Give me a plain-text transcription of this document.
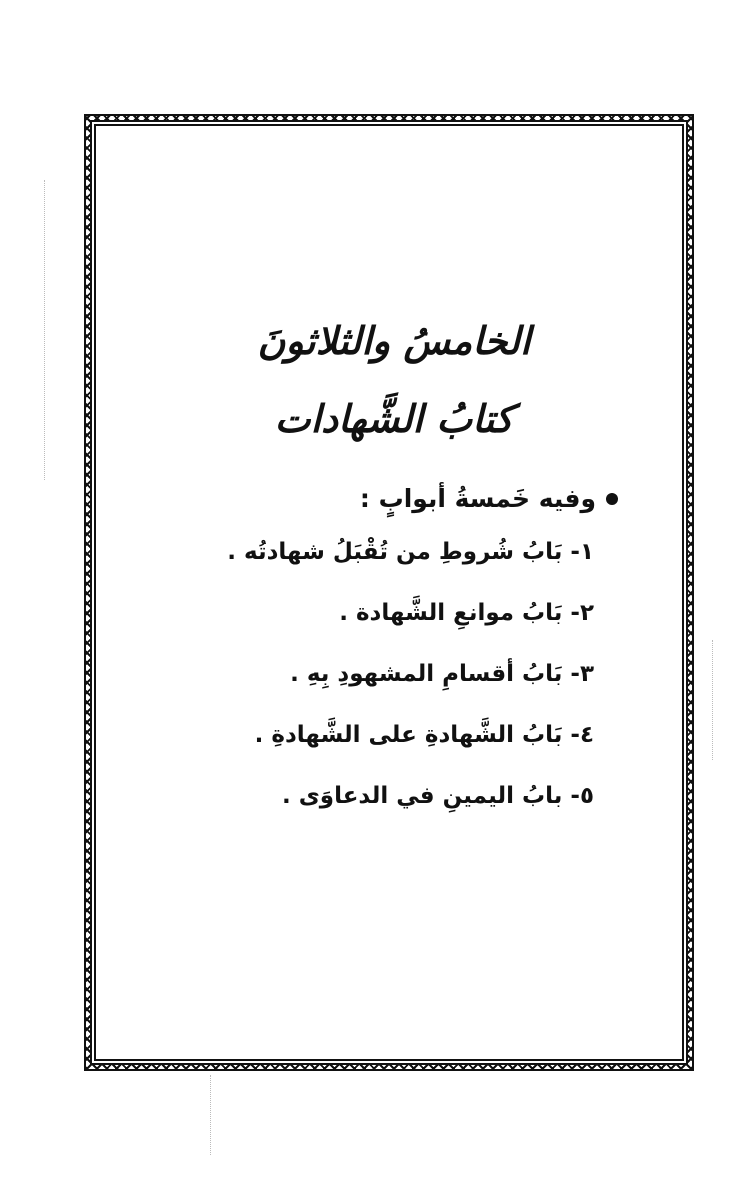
الخامسُ والثلاثونَ
كتابُ الشَّهادات
وفيه خَمسةُ أبوابٍ :
١-بَابُ شُروطِ من تُقْبَلُ شهادتُه .
٢-بَابُ موانعِ الشَّهادة .
٣-بَابُ أقسامِ المشهودِ بِهِ .
٤-بَابُ الشَّهادةِ على الشَّهادةِ .
٥-بابُ اليمينِ في الدعاوَى .
